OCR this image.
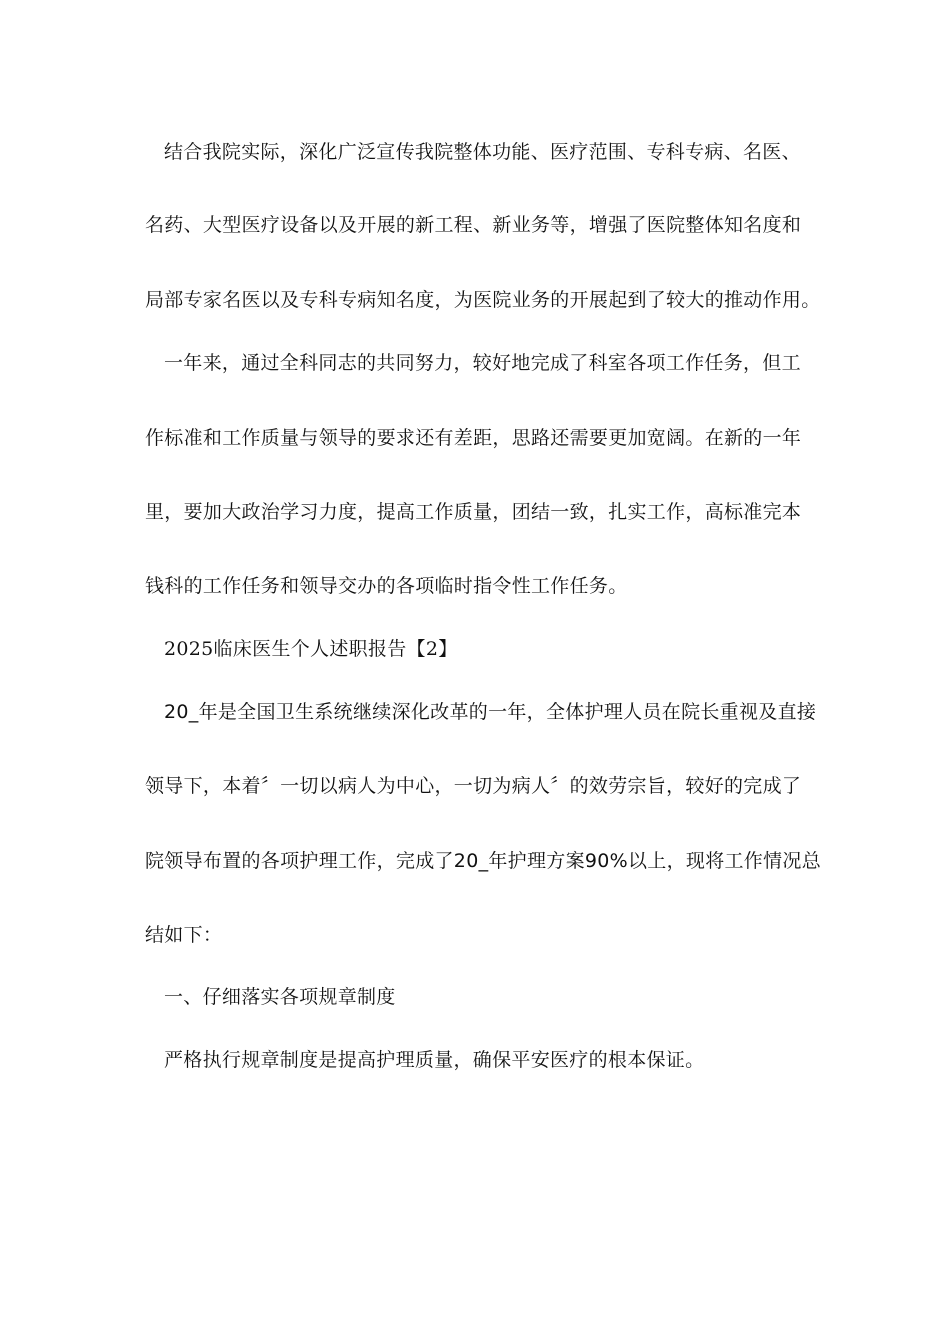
结合我院实际，深化广泛宣传我院整体功能、医疗范围、专科专病、名医、
名药、大型医疗设备以及开展的新工程、新业务等，增强了医院整体知名度和
局部专家名医以及专科专病知名度，为医院业务的开展起到了较大的推动作用。
一年来，通过全科同志的共同努力，较好地完成了科室各项工作任务，但工
作标准和工作质量与领导的要求还有差距，思路还需要更加宽阔。在新的一年
里，要加大政治学习力度，提高工作质量，团结一致，扎实工作，高标准完本
钱科的工作任务和领导交办的各项临时指令性工作任务。
2025临床医生个人述职报告【2】
20_年是全国卫生系统继续深化改革的一年，全体护理人员在院长重视及直接
领导下，本着〞一切以病人为中心，一切为病人〞的效劳宗旨，较好的完成了
院领导布置的各项护理工作，完成了20_年护理方案90%以上，现将工作情况总
结如下：
一、仔细落实各项规章制度
严格执行规章制度是提高护理质量，确保平安医疗的根本保证。
